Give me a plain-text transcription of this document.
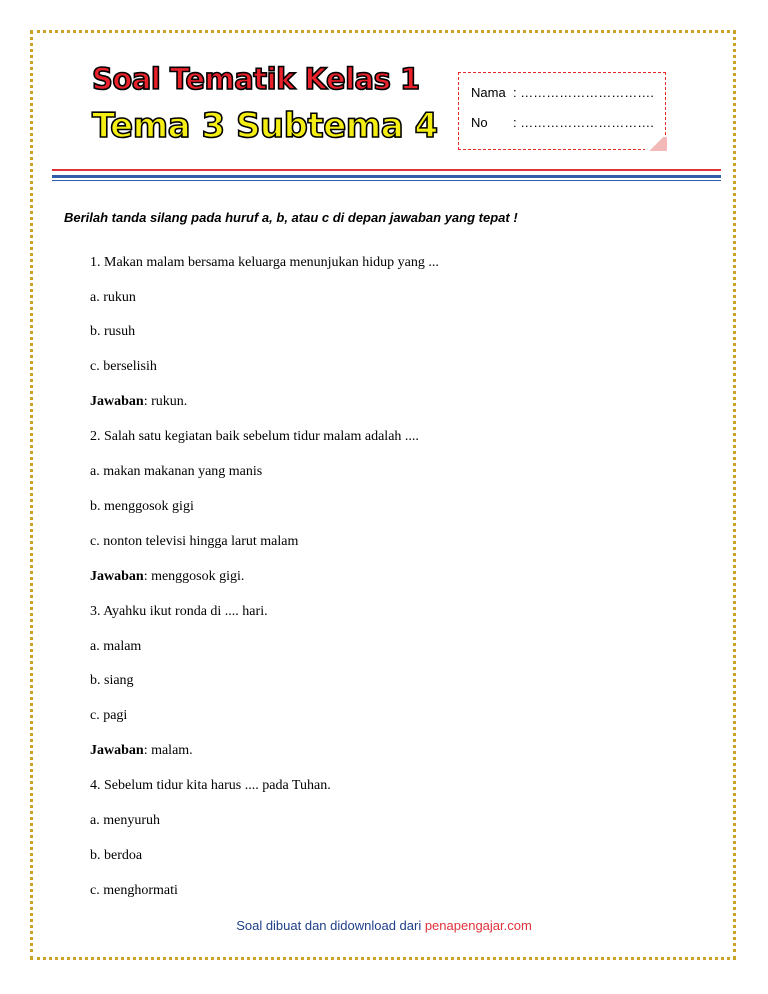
Soal Tematik Kelas 1
Tema 3 Subtema 4
Nama : ………………………….
No : ………………………….
Berilah tanda silang pada huruf a, b, atau c di depan jawaban yang tepat !
1. Makan malam bersama keluarga menunjukan hidup yang ...
a. rukun
b. rusuh
c. berselisih
Jawaban: rukun.
2. Salah satu kegiatan baik sebelum tidur malam adalah ....
a. makan makanan yang manis
b. menggosok gigi
c. nonton televisi hingga larut malam
Jawaban: menggosok gigi.
3. Ayahku ikut ronda di .... hari.
a. malam
b. siang
c. pagi
Jawaban: malam.
4. Sebelum tidur kita harus .... pada Tuhan.
a. menyuruh
b. berdoa
c. menghormati
Soal dibuat dan didownload dari penapengajar.com
